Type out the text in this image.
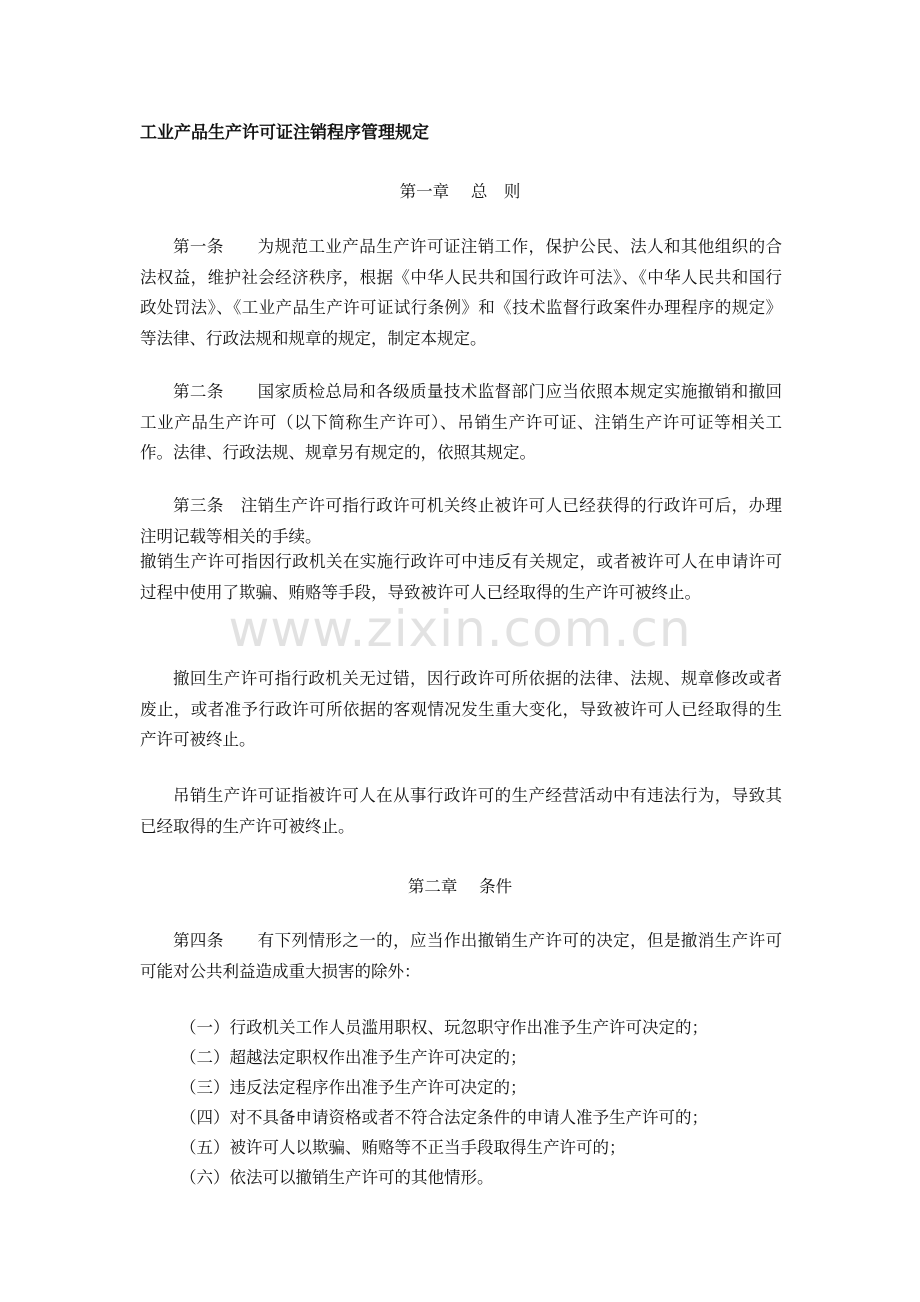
工业产品生产许可证注销程序管理规定
第一章　 总　则
第一条　　为规范工业产品生产许可证注销工作，保护公民、法人和其他组织的合法权益，维护社会经济秩序，根据《中华人民共和国行政许可法》、《中华人民共和国行政处罚法》、《工业产品生产许可证试行条例》和《技术监督行政案件办理程序的规定》等法律、行政法规和规章的规定，制定本规定。
第二条　　国家质检总局和各级质量技术监督部门应当依照本规定实施撤销和撤回工业产品生产许可（以下简称生产许可）、吊销生产许可证、注销生产许可证等相关工作。法律、行政法规、规章另有规定的，依照其规定。
第三条　注销生产许可指行政许可机关终止被许可人已经获得的行政许可后，办理注明记载等相关的手续。
撤销生产许可指因行政机关在实施行政许可中违反有关规定，或者被许可人在申请许可过程中使用了欺骗、贿赂等手段，导致被许可人已经取得的生产许可被终止。
撤回生产许可指行政机关无过错，因行政许可所依据的法律、法规、规章修改或者废止，或者准予行政许可所依据的客观情况发生重大变化，导致被许可人已经取得的生产许可被终止。
吊销生产许可证指被许可人在从事行政许可的生产经营活动中有违法行为，导致其已经取得的生产许可被终止。
第二章　 条件
第四条　　有下列情形之一的，应当作出撤销生产许可的决定，但是撤消生产许可可能对公共利益造成重大损害的除外：
（一）行政机关工作人员滥用职权、玩忽职守作出准予生产许可决定的；
（二）超越法定职权作出准予生产许可决定的；
（三）违反法定程序作出准予生产许可决定的；
（四）对不具备申请资格或者不符合法定条件的申请人准予生产许可的；
（五）被许可人以欺骗、贿赂等不正当手段取得生产许可的；
（六）依法可以撤销生产许可的其他情形。
www.zixin.com.cn
